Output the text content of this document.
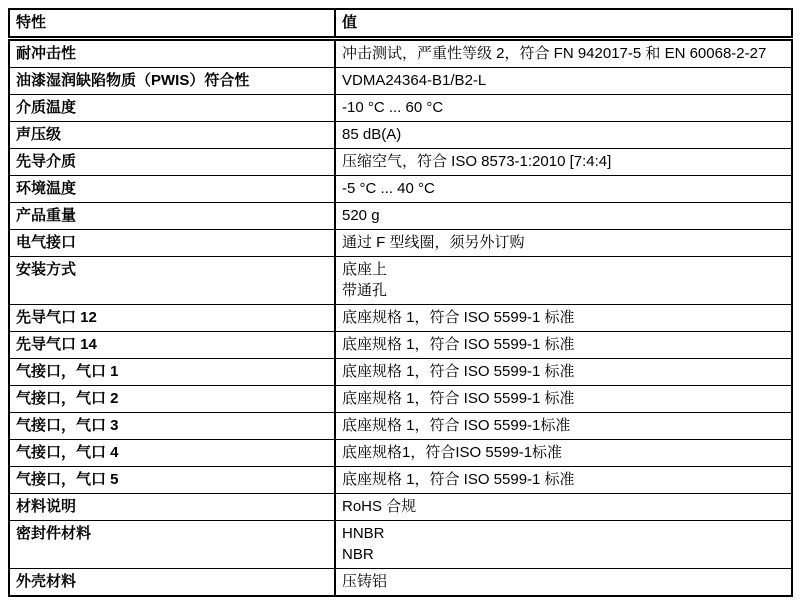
特性	值
耐冲击性	冲击测试，严重性等级 2，符合 FN 942017-5 和 EN 60068-2-27

油漆湿润缺陷物质（PWIS）符合性	VDMA24364-B1/B2-L

介质温度	-10 °C ... 60 °C

声压级	85 dB(A)

先导介质	压缩空气，符合 ISO 8573-1:2010 [7:4:4]

环境温度	-5 °C ... 40 °C

产品重量	520 g

电气接口	通过 F 型线圈，须另外订购

安装方式	底座上
带通孔

先导气口 12	底座规格 1，符合 ISO 5599-1 标准

先导气口 14	底座规格 1，符合 ISO 5599-1 标准

气接口，气口 1	底座规格 1，符合 ISO 5599-1 标准

气接口，气口 2	底座规格 1，符合 ISO 5599-1 标准

气接口，气口 3	底座规格 1，符合 ISO 5599-1标准

气接口，气口 4	底座规格1，符合ISO 5599-1标准

气接口，气口 5	底座规格 1，符合 ISO 5599-1 标准

材料说明	RoHS 合规

密封件材料	HNBR
NBR

外壳材料	压铸铝
